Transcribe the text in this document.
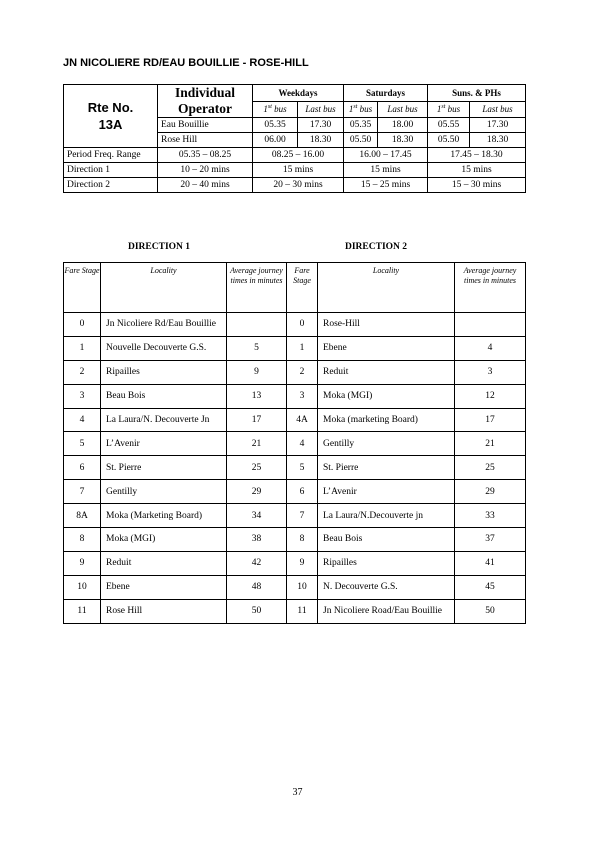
JN NICOLIERE RD/EAU BOUILLIE - ROSE-HILL
Rte No.
13A	Individual Operator	Weekdays		Saturdays		Suns. & PHs	
		1st bus	Last bus	1st bus	Last bus	1st bus	Last bus
	Eau Bouillie	05.35	17.30	05.35	18.00	05.55	17.30
	Rose Hill	06.00	18.30	05.50	18.30	05.50	18.30
Period Freq. Range	05.35 – 08.25	08.25 – 16.00		16.00 – 17.45		17.45 – 18.30	
Direction 1	10 – 20 mins	15 mins		15 mins		15 mins	
Direction 2	20 – 40 mins	20 – 30 mins		15 – 25 mins		15 – 30 mins	
DIRECTION 1	DIRECTION 2
Fare Stage	Locality	Average journey times in minutes	Fare Stage	Locality	Average journey times in minutes
0	Jn Nicoliere Rd/Eau Bouillie		0	Rose-Hill	
1	Nouvelle Decouverte G.S.	5	1	Ebene	4
2	Ripailles	9	2	Reduit	3
3	Beau Bois	13	3	Moka (MGI)	12
4	La Laura/N. Decouverte Jn	17	4A	Moka (marketing Board)	17
5	L’Avenir	21	4	Gentilly	21
6	St. Pierre	25	5	St. Pierre	25
7	Gentilly	29	6	L’Avenir	29
8A	Moka (Marketing Board)	34	7	La Laura/N.Decouverte jn	33
8	Moka (MGI)	38	8	Beau Bois	37
9	Reduit	42	9	Ripailles	41
10	Ebene	48	10	N. Decouverte G.S.	45
11	Rose Hill	50	11	Jn Nicoliere Road/Eau Bouillie	50
37
